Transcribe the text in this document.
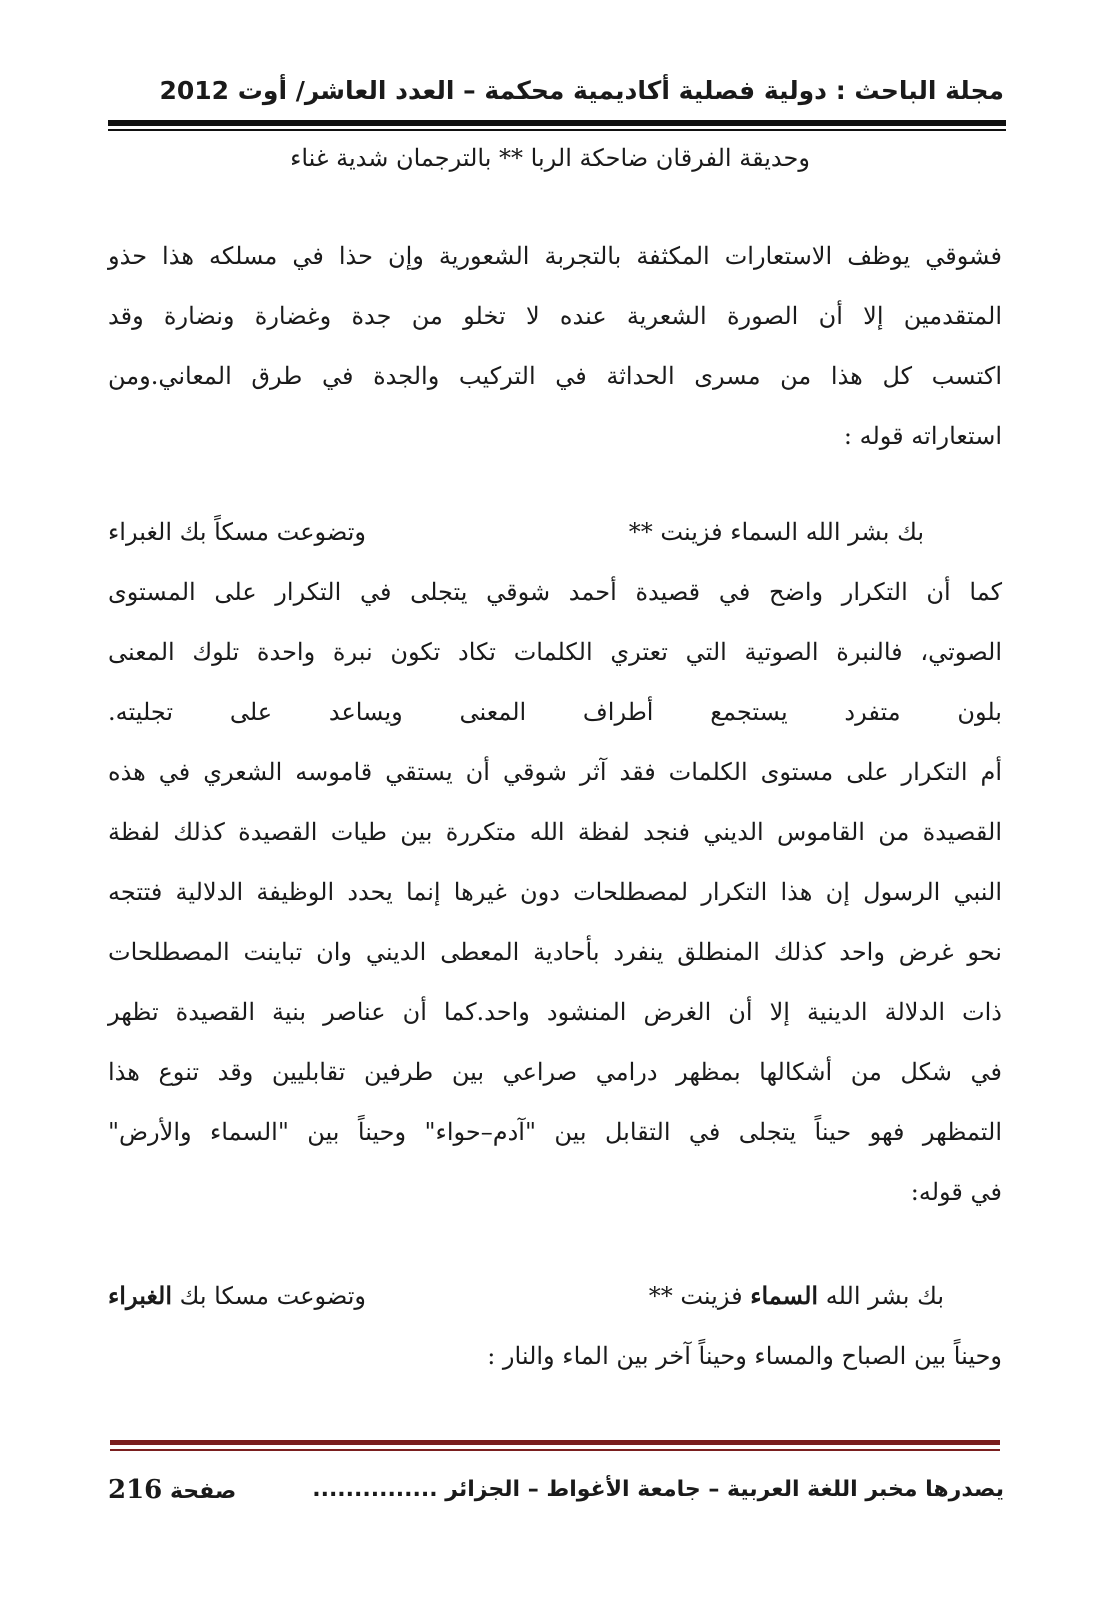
مجلة الباحث : دولية فصلية أكاديمية محكمة – العدد العاشر/ أوت 2012
وحديقة الفرقان ضاحكة الربا ** بالترجمان شدية غناء
فشوقي يوظف الاستعارات المكثفة بالتجربة الشعورية وإن حذا في مسلكه هذا حذو
المتقدمين إلا أن الصورة الشعرية عنده لا تخلو من جدة وغضارة ونضارة وقد
اكتسب كل هذا من مسرى الحداثة في التركيب والجدة في طرق المعاني.ومن
استعاراته قوله :
بك بشر الله السماء فزينت **
وتضوعت مسكاً بك الغبراء
كما أن التكرار واضح في قصيدة أحمد شوقي يتجلى في التكرار على المستوى
الصوتي، فالنبرة الصوتية التي تعتري الكلمات تكاد تكون نبرة واحدة تلوك المعنى
بلون متفرد يستجمع أطراف المعنى ويساعد على تجليته.
أم التكرار على مستوى الكلمات فقد آثر شوقي أن يستقي قاموسه الشعري في هذه
القصيدة من القاموس الديني فنجد لفظة الله متكررة بين طيات القصيدة كذلك لفظة
النبي الرسول إن هذا التكرار لمصطلحات دون غيرها إنما يحدد الوظيفة الدلالية فتتجه
نحو غرض واحد كذلك المنطلق ينفرد بأحادية المعطى الديني وان تباينت المصطلحات
ذات الدلالة الدينية إلا أن الغرض المنشود واحد.كما أن عناصر بنية القصيدة تظهر
في شكل من أشكالها بمظهر درامي صراعي بين طرفين تقابليين وقد تنوع هذا
التمظهر فهو حيناً يتجلى في التقابل بين "آدم–حواء" وحيناً بين "السماء والأرض"
في قوله:
بك بشر الله السماء فزينت **
وتضوعت مسكا بك الغبراء
وحيناً بين الصباح والمساء وحيناً آخر بين الماء والنار :
يصدرها مخبر اللغة العربية – جامعة الأغواط – الجزائر ...............
صفحة 216
